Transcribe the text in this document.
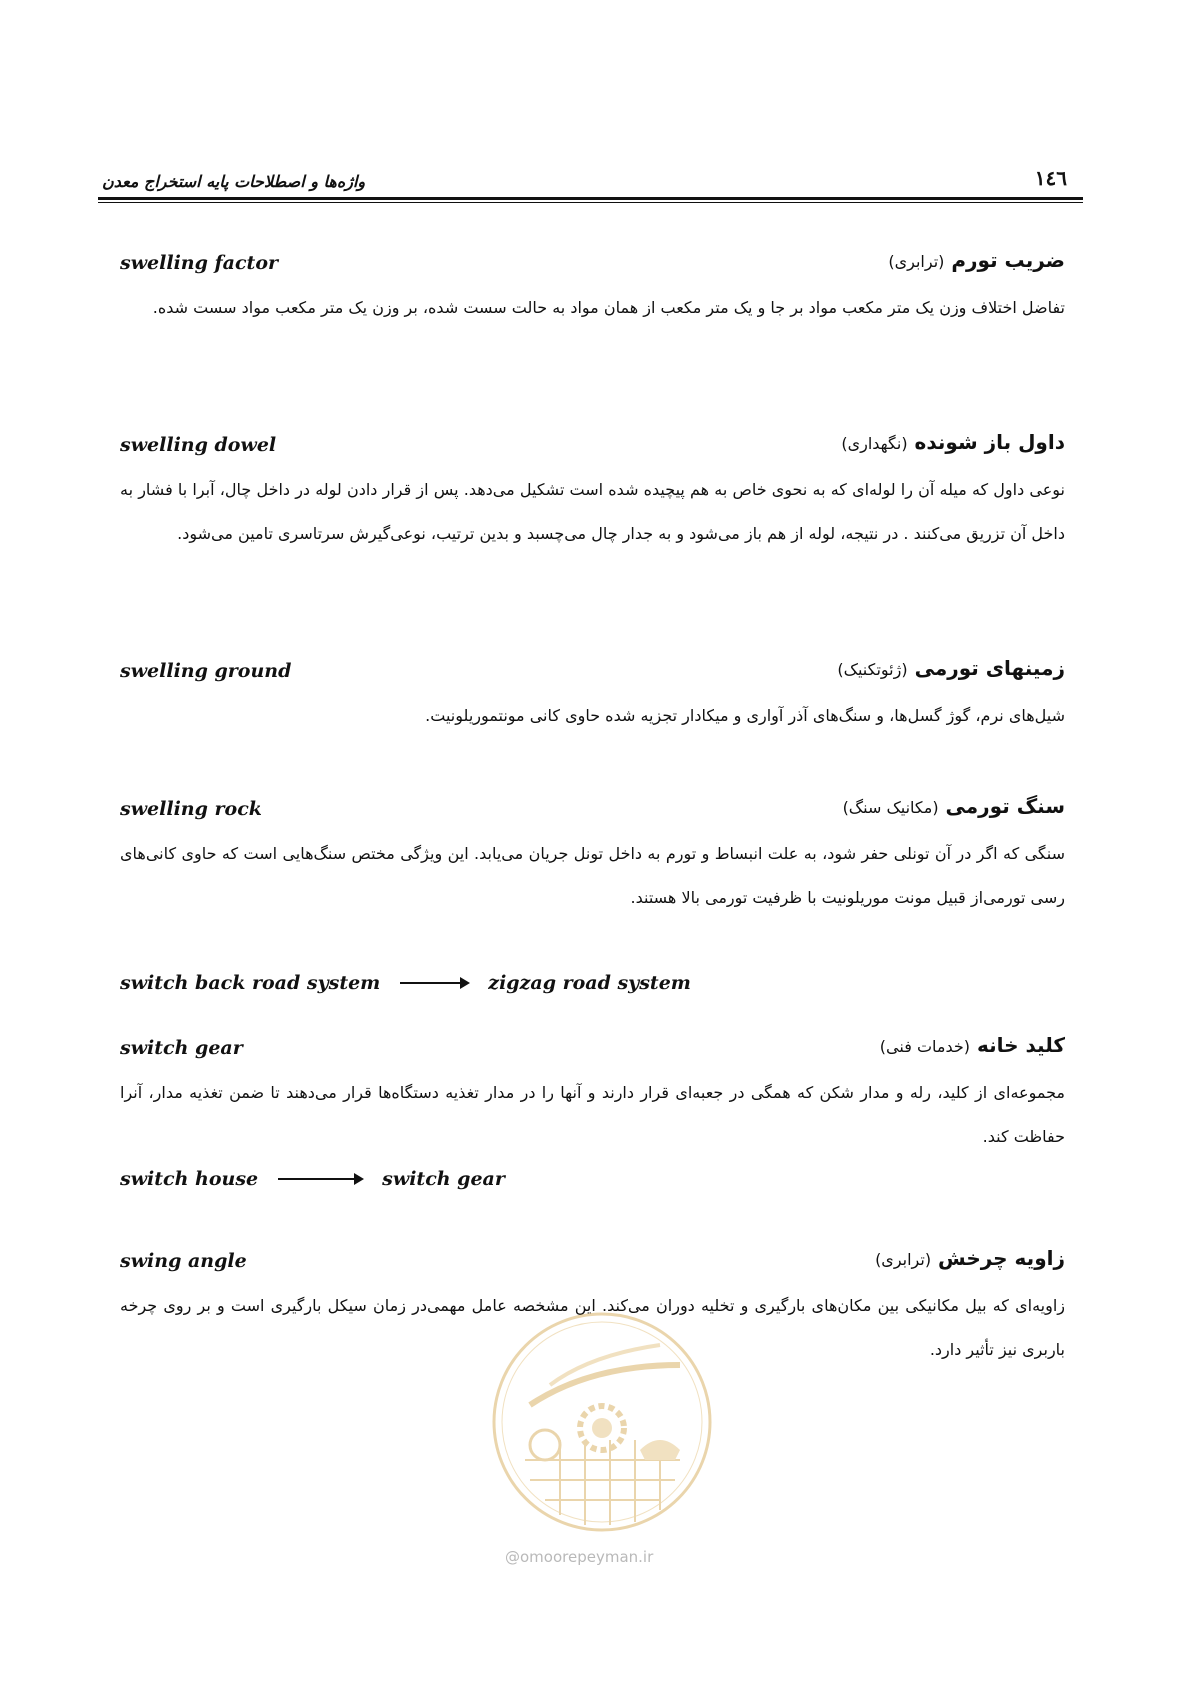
۱٤٦
واژه‌ها و اصطلاحات پایه استخراج معدن
swelling factor	ضریب تورم (ترابری)
تفاضل اختلاف وزن یک متر مکعب مواد بر جا و یک متر مکعب از همان مواد به حالت سست شده، بر وزن یک متر مکعب مواد سست شده.
swelling dowel	داول باز شونده (نگهداری)
نوعی داول که میله آن را لوله‌ای که به نحوی خاص به هم پیچیده شده است تشکیل می‌دهد. پس از قرار دادن لوله در داخل چال، آبرا با فشار به داخل آن تزریق می‌کنند . در نتیجه، لوله از هم باز می‌شود و به جدار چال می‌چسبد و بدین ترتیب، نوعی‌گیرش سرتاسری تامین می‌شود.
swelling ground	زمینهای تورمی (ژئوتکنیک)
شیل‌های نرم، گوژ گسل‌ها، و سنگ‌های آذر آواری و میکادار تجزیه شده حاوی کانی مونتموریلونیت.
swelling rock	سنگ تورمی (مکانیک سنگ)
سنگی که اگر در آن تونلی حفر شود، به علت انبساط و تورم به داخل تونل جریان می‌یابد. این ویژگی مختص سنگ‌هایی است که حاوی کانی‌های رسی تورمی‌از قبیل مونت موریلونیت با ظرفیت تورمی بالا هستند.
switch back road system	zigzag road system
switch gear	کلید خانه (خدمات فنی)
مجموعه‌ای از کلید، رله و مدار شکن که همگی در جعبه‌ای قرار دارند و آنها را در مدار تغذیه دستگاه‌ها قرار می‌دهند تا ضمن تغذیه مدار، آنرا حفاظت کند.
switch house	switch gear
swing angle	زاویه چرخش (ترابری)
زاویه‌ای که بیل مکانیکی بین مکان‌های بارگیری و تخلیه دوران می‌کند. این مشخصه عامل مهمی‌در زمان سیکل بارگیری است و بر روی چرخه باربری نیز تأثیر دارد.
@omoorepeyman.ir
